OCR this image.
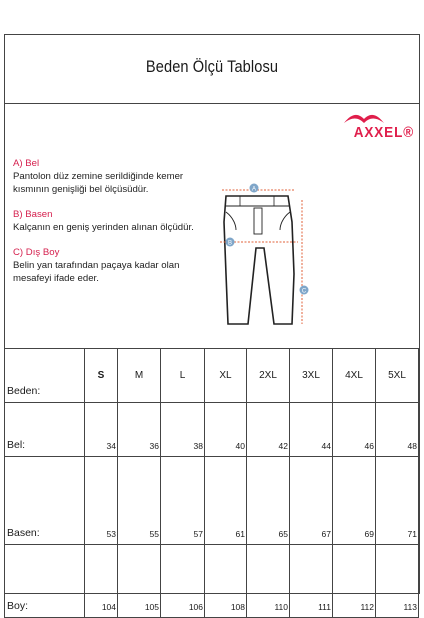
Beden Ölçü Tablosu
AXXEL®
A) Bel
Pantolon düz zemine serildiğinde kemer kısmının genişliği bel ölçüsüdür.
B) Basen
Kalçanın en geniş yerinden alınan ölçüdür.
C) Dış Boy
Belin yan tarafından paçaya kadar olan mesafeyi ifade eder.
A
B
C
Beden:	S	M	L	XL	2XL	3XL	4XL	5XL
Bel:	34	36	38	40	42	44	46	48
Basen:	53	55	57	61	65	67	69	71
Boy:	104	105	106	108	110	111	112	113
